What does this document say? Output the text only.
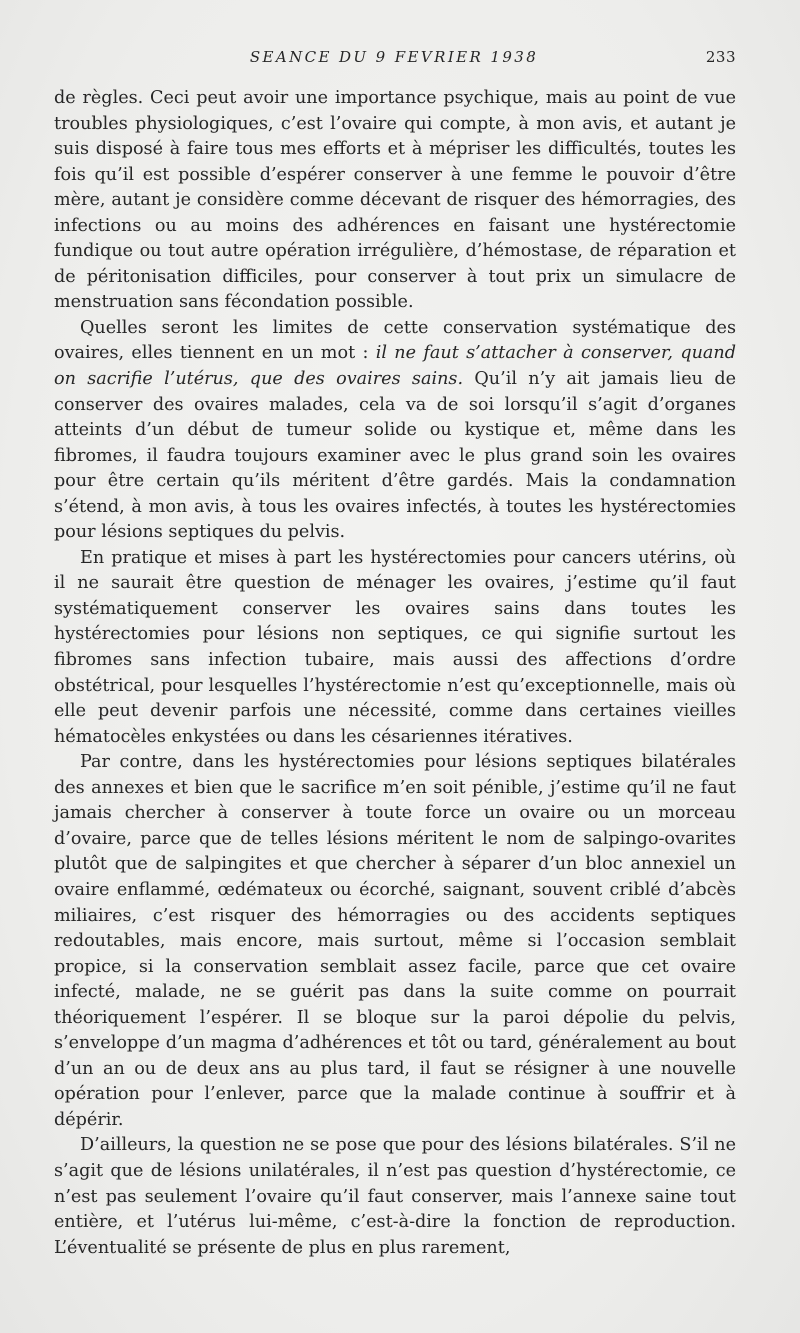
SEANCE DU 9 FEVRIER 1938	233

de règles. Ceci peut avoir une importance psychique, mais au point de vue troubles physiologiques, c’est l’ovaire qui compte, à mon avis, et autant je suis disposé à faire tous mes efforts et à mépriser les difficultés, toutes les fois qu’il est possible d’espérer conserver à une femme le pouvoir d’être mère, autant je considère comme décevant de risquer des hémorragies, des infections ou au moins des adhérences en faisant une hystérectomie fundique ou tout autre opération irrégulière, d’hémostase, de réparation et de péritonisation difficiles, pour conserver à tout prix un simulacre de menstruation sans fécondation possible.

Quelles seront les limites de cette conservation systématique des ovaires, elles tiennent en un mot : il ne faut s’attacher à conserver, quand on sacrifie l’utérus, que des ovaires sains. Qu’il n’y ait jamais lieu de conserver des ovaires malades, cela va de soi lorsqu’il s’agit d’organes atteints d’un début de tumeur solide ou kystique et, même dans les fibromes, il faudra toujours examiner avec le plus grand soin les ovaires pour être certain qu’ils méritent d’être gardés. Mais la condamnation s’étend, à mon avis, à tous les ovaires infectés, à toutes les hystérectomies pour lésions septiques du pelvis.

En pratique et mises à part les hystérectomies pour cancers utérins, où il ne saurait être question de ménager les ovaires, j’estime qu’il faut systématiquement conserver les ovaires sains dans toutes les hystérectomies pour lésions non septiques, ce qui signifie surtout les fibromes sans infection tubaire, mais aussi des affections d’ordre obstétrical, pour lesquelles l’hystérectomie n’est qu’exceptionnelle, mais où elle peut devenir parfois une nécessité, comme dans certaines vieilles hématocèles enkystées ou dans les césariennes itératives.

Par contre, dans les hystérectomies pour lésions septiques bilatérales des annexes et bien que le sacrifice m’en soit pénible, j’estime qu’il ne faut jamais chercher à conserver à toute force un ovaire ou un morceau d’ovaire, parce que de telles lésions méritent le nom de salpingo-ovarites plutôt que de salpingites et que chercher à séparer d’un bloc annexiel un ovaire enflammé, œdémateux ou écorché, saignant, souvent criblé d’abcès miliaires, c’est risquer des hémorragies ou des accidents septiques redoutables, mais encore, mais surtout, même si l’occasion semblait propice, si la conservation semblait assez facile, parce que cet ovaire infecté, malade, ne se guérit pas dans la suite comme on pourrait théoriquement l’espérer. Il se bloque sur la paroi dépolie du pelvis, s’enveloppe d’un magma d’adhérences et tôt ou tard, généralement au bout d’un an ou de deux ans au plus tard, il faut se résigner à une nouvelle opération pour l’enlever, parce que la malade continue à souffrir et à dépérir.

D’ailleurs, la question ne se pose que pour des lésions bilatérales. S’il ne s’agit que de lésions unilatérales, il n’est pas question d’hystérectomie, ce n’est pas seulement l’ovaire qu’il faut conserver, mais l’annexe saine tout entière, et l’utérus lui-même, c’est-à-dire la fonction de reproduction. L’éventualité se présente de plus en plus rarement,
